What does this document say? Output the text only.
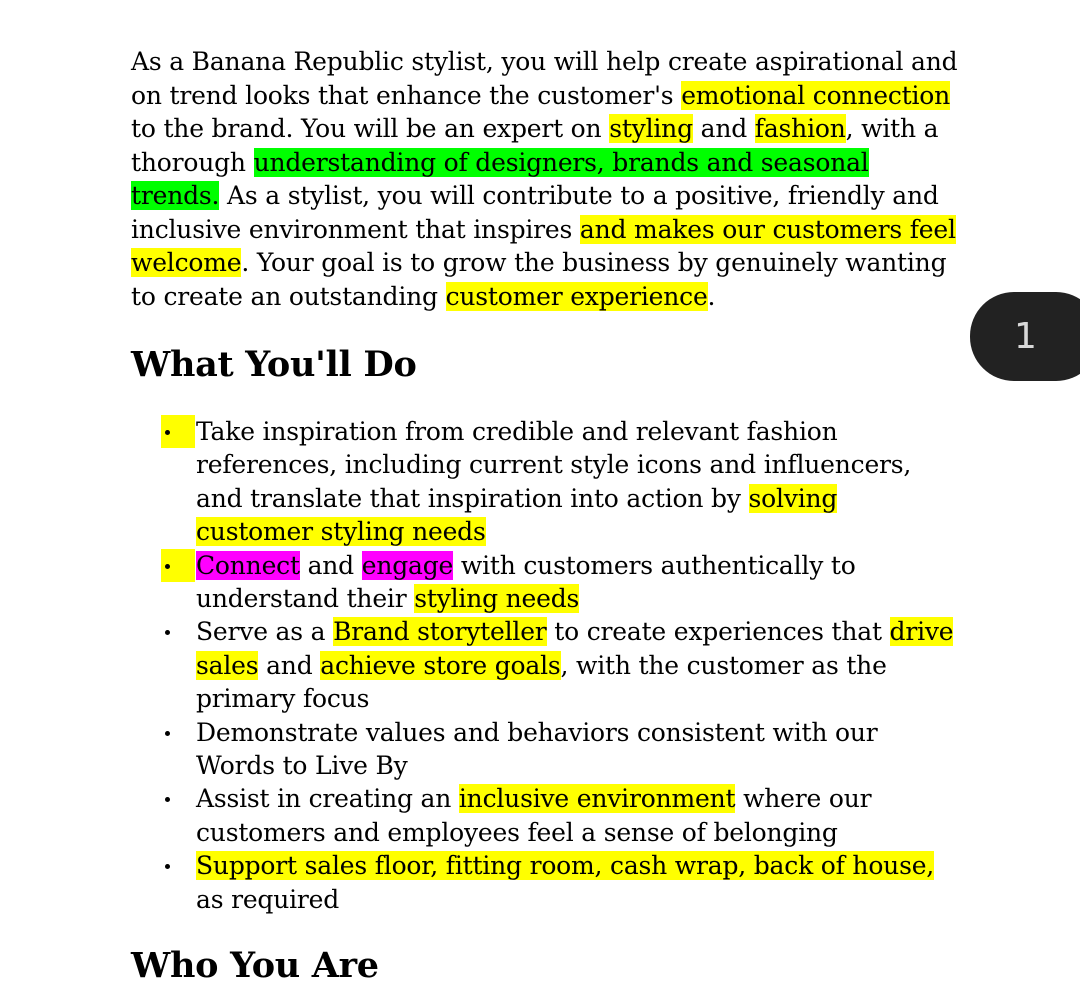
As a Banana Republic stylist, you will help create aspirational and on trend looks that enhance the customer's emotional connection to the brand. You will be an expert on styling and fashion, with a thorough understanding of designers, brands and seasonal trends. As a stylist, you will contribute to a positive, friendly and inclusive environment that inspires and makes our customers feel welcome. Your goal is to grow the business by genuinely wanting to create an outstanding customer experience.

What You'll Do
Take inspiration from credible and relevant fashion references, including current style icons and influencers, and translate that inspiration into action by solving customer styling needs
Connect and engage with customers authentically to understand their styling needs
Serve as a Brand storyteller to create experiences that drive sales and achieve store goals, with the customer as the primary focus
Demonstrate values and behaviors consistent with our Words to Live By
Assist in creating an inclusive environment where our customers and employees feel a sense of belonging
Support sales floor, fitting room, cash wrap, back of house, as required
Who You Are
1
